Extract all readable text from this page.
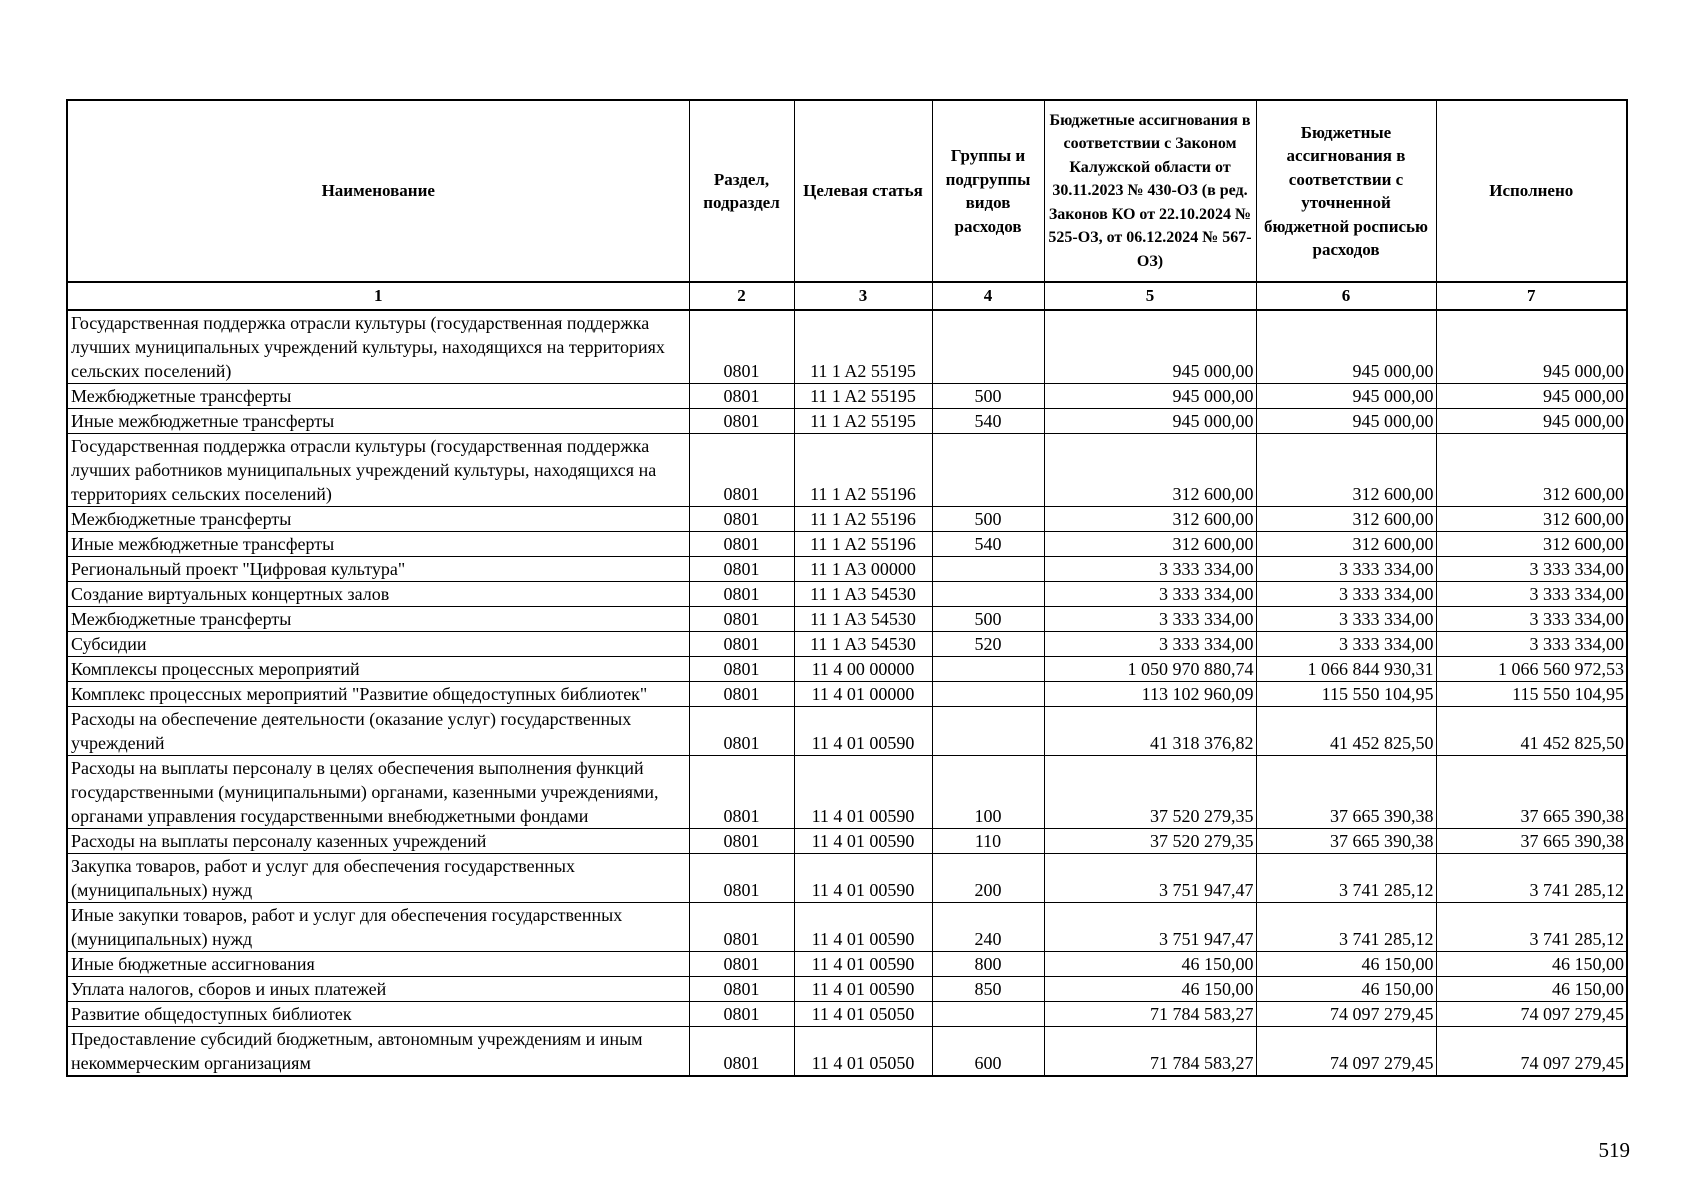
Наименование	Раздел, подраздел	Целевая статья	Группы и подгруппы видов расходов	Бюджетные ассигнования в соответствии с Законом Калужской области от 30.11.2023 № 430-ОЗ (в ред. Законов КО от 22.10.2024 № 525-ОЗ, от 06.12.2024 № 567-ОЗ)	Бюджетные ассигнования в соответствии с уточненной бюджетной росписью расходов	Исполнено
1	2	3	4	5	6	7
Государственная поддержка отрасли культуры (государственная поддержка лучших муниципальных учреждений культуры, находящихся на территориях сельских поселений)	0801	11 1 A2 55195		945 000,00	945 000,00	945 000,00
Межбюджетные трансферты	0801	11 1 A2 55195	500	945 000,00	945 000,00	945 000,00
Иные межбюджетные трансферты	0801	11 1 A2 55195	540	945 000,00	945 000,00	945 000,00
Государственная поддержка отрасли культуры (государственная поддержка лучших работников муниципальных учреждений культуры, находящихся на территориях сельских поселений)	0801	11 1 A2 55196		312 600,00	312 600,00	312 600,00
Межбюджетные трансферты	0801	11 1 A2 55196	500	312 600,00	312 600,00	312 600,00
Иные межбюджетные трансферты	0801	11 1 A2 55196	540	312 600,00	312 600,00	312 600,00
Региональный проект "Цифровая культура"	0801	11 1 A3 00000		3 333 334,00	3 333 334,00	3 333 334,00
Создание виртуальных концертных залов	0801	11 1 A3 54530		3 333 334,00	3 333 334,00	3 333 334,00
Межбюджетные трансферты	0801	11 1 A3 54530	500	3 333 334,00	3 333 334,00	3 333 334,00
Субсидии	0801	11 1 A3 54530	520	3 333 334,00	3 333 334,00	3 333 334,00
Комплексы процессных мероприятий	0801	11 4 00 00000		1 050 970 880,74	1 066 844 930,31	1 066 560 972,53
Комплекс процессных мероприятий "Развитие общедоступных библиотек"	0801	11 4 01 00000		113 102 960,09	115 550 104,95	115 550 104,95
Расходы на обеспечение деятельности (оказание услуг) государственных учреждений	0801	11 4 01 00590		41 318 376,82	41 452 825,50	41 452 825,50
Расходы на выплаты персоналу в целях обеспечения выполнения функций государственными (муниципальными) органами, казенными учреждениями, органами управления государственными внебюджетными фондами	0801	11 4 01 00590	100	37 520 279,35	37 665 390,38	37 665 390,38
Расходы на выплаты персоналу казенных учреждений	0801	11 4 01 00590	110	37 520 279,35	37 665 390,38	37 665 390,38
Закупка товаров, работ и услуг для обеспечения государственных (муниципальных) нужд	0801	11 4 01 00590	200	3 751 947,47	3 741 285,12	3 741 285,12
Иные закупки товаров, работ и услуг для обеспечения государственных (муниципальных) нужд	0801	11 4 01 00590	240	3 751 947,47	3 741 285,12	3 741 285,12
Иные бюджетные ассигнования	0801	11 4 01 00590	800	46 150,00	46 150,00	46 150,00
Уплата налогов, сборов и иных платежей	0801	11 4 01 00590	850	46 150,00	46 150,00	46 150,00
Развитие общедоступных библиотек	0801	11 4 01 05050		71 784 583,27	74 097 279,45	74 097 279,45
Предоставление субсидий бюджетным, автономным учреждениям и иным некоммерческим организациям	0801	11 4 01 05050	600	71 784 583,27	74 097 279,45	74 097 279,45
519
